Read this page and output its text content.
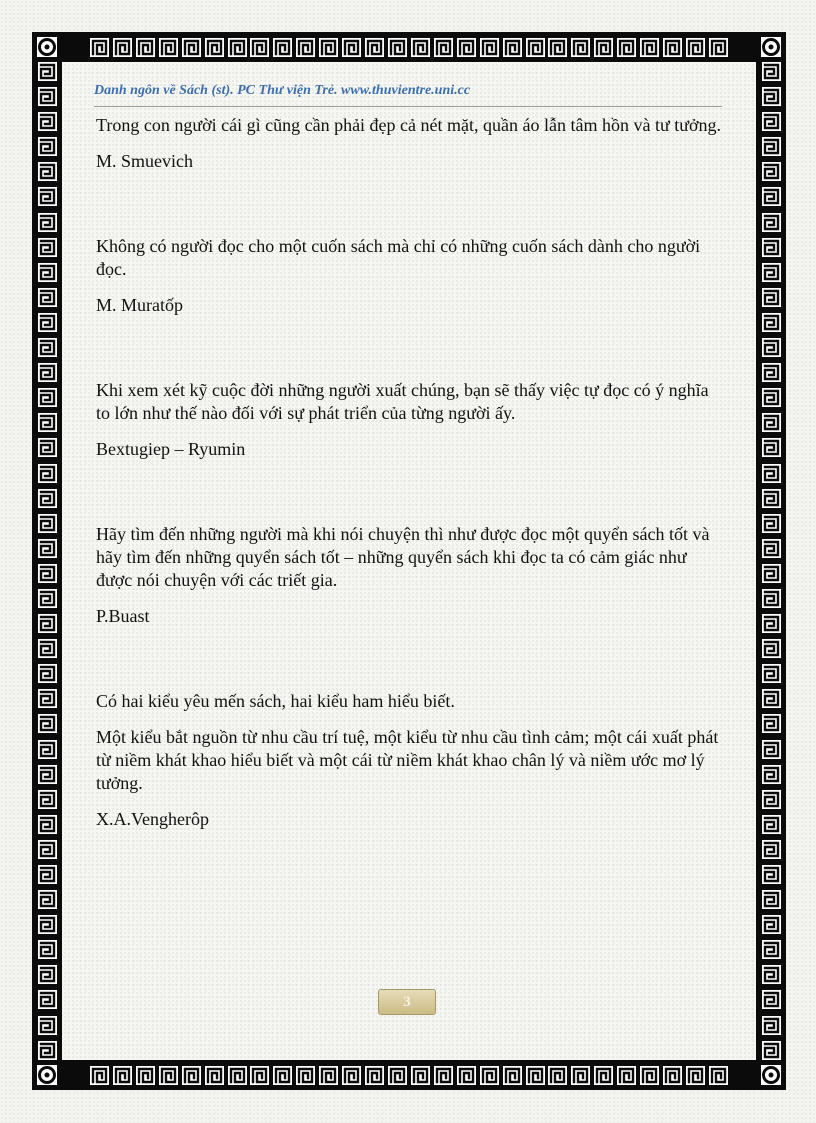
Danh ngôn về Sách (st). PC Thư viện Trẻ. www.thuvientre.uni.cc

Trong con người cái gì cũng cần phải đẹp cả nét mặt, quần áo lẫn tâm hồn và tư tưởng.

M. Smuevich

Không có người đọc cho một cuốn sách mà chỉ có những cuốn sách dành cho người đọc.

M. Muratốp

Khi xem xét kỹ cuộc đời những người xuất chúng, bạn sẽ thấy việc tự đọc có ý nghĩa to lớn như thế nào đối với sự phát triển của từng người ấy.

Bextugiep – Ryumin

Hãy tìm đến những người mà khi nói chuyện thì như được đọc một quyển sách tốt và hãy tìm đến những quyển sách tốt – những quyển sách khi đọc ta có cảm giác như được nói chuyện với các triết gia.

P.Buast

Có hai kiểu yêu mến sách, hai kiểu ham hiểu biết.

Một kiểu bắt nguồn từ nhu cầu trí tuệ, một kiểu từ nhu cầu tình cảm; một cái xuất phát từ niềm khát khao hiểu biết và một cái từ niềm khát khao chân lý và niềm ước mơ lý tưởng.

X.A.Vengherôp

3
